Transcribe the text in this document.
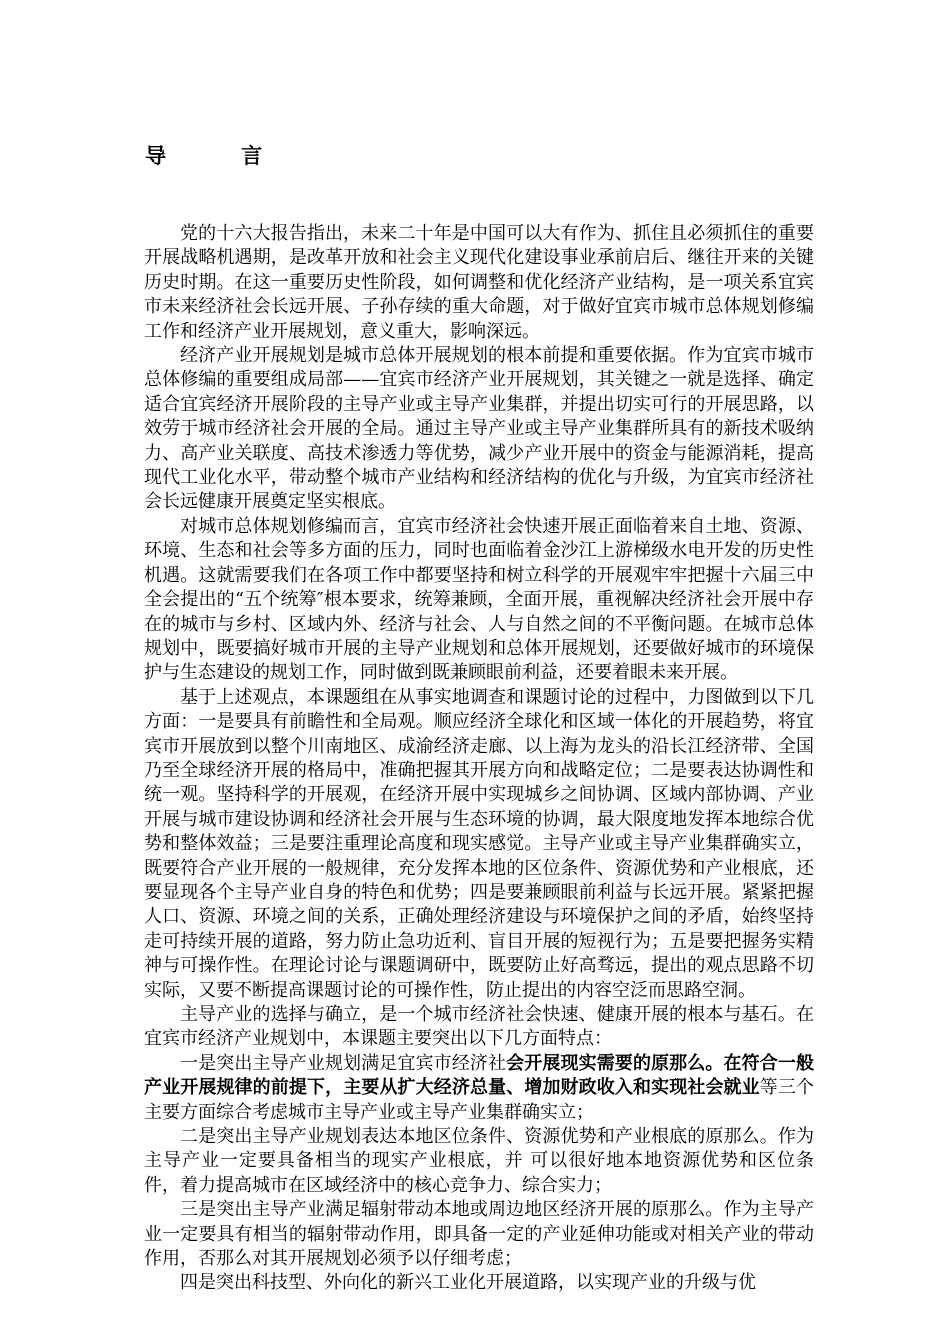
导 言

党的十六大报告指出，未来二十年是中国可以大有作为、抓住且必须抓住的重要开展战略机遇期，是改革开放和社会主义现代化建设事业承前启后、继往开来的关键历史时期。在这一重要历史性阶段，如何调整和优化经济产业结构，是一项关系宜宾市未来经济社会长远开展、子孙存续的重大命题，对于做好宜宾市城市总体规划修编工作和经济产业开展规划，意义重大，影响深远。

经济产业开展规划是城市总体开展规划的根本前提和重要依据。作为宜宾市城市总体修编的重要组成局部——宜宾市经济产业开展规划，其关键之一就是选择、确定适合宜宾经济开展阶段的主导产业或主导产业集群，并提出切实可行的开展思路，以效劳于城市经济社会开展的全局。通过主导产业或主导产业集群所具有的新技术吸纳力、高产业关联度、高技术渗透力等优势，减少产业开展中的资金与能源消耗，提高现代工业化水平，带动整个城市产业结构和经济结构的优化与升级，为宜宾市经济社会长远健康开展奠定坚实根底。

对城市总体规划修编而言，宜宾市经济社会快速开展正面临着来自土地、资源、环境、生态和社会等多方面的压力，同时也面临着金沙江上游梯级水电开发的历史性机遇。这就需要我们在各项工作中都要坚持和树立科学的开展观牢牢把握十六届三中全会提出的“五个统筹″根本要求，统筹兼顾，全面开展，重视解决经济社会开展中存在的城市与乡村、区域内外、经济与社会、人与自然之间的不平衡问题。在城市总体规划中，既要搞好城市开展的主导产业规划和总体开展规划，还要做好城市的环境保护与生态建设的规划工作，同时做到既兼顾眼前利益，还要着眼未来开展。

基于上述观点，本课题组在从事实地调查和课题讨论的过程中，力图做到以下几方面：一是要具有前瞻性和全局观。顺应经济全球化和区域一体化的开展趋势，将宜宾市开展放到以整个川南地区、成渝经济走廊、以上海为龙头的沿长江经济带、全国乃至全球经济开展的格局中，准确把握其开展方向和战略定位；二是要表达协调性和统一观。坚持科学的开展观，在经济开展中实现城乡之间协调、区域内部协调、产业开展与城市建设协调和经济社会开展与生态环境的协调，最大限度地发挥本地综合优势和整体效益；三是要注重理论高度和现实感觉。主导产业或主导产业集群确实立，既要符合产业开展的一般规律，充分发挥本地的区位条件、资源优势和产业根底，还要显现各个主导产业自身的特色和优势；四是要兼顾眼前利益与长远开展。紧紧把握人口、资源、环境之间的关系，正确处理经济建设与环境保护之间的矛盾，始终坚持走可持续开展的道路，努力防止急功近利、盲目开展的短视行为；五是要把握务实精神与可操作性。在理论讨论与课题调研中，既要防止好高骛远，提出的观点思路不切实际，又要不断提高课题讨论的可操作性，防止提出的内容空泛而思路空洞。

主导产业的选择与确立，是一个城市经济社会快速、健康开展的根本与基石。在宜宾市经济产业规划中，本课题主要突出以下几方面特点：

一是突出主导产业规划满足宜宾市经济社会开展现实需要的原那么。在符合一般产业开展规律的前提下，主要从扩大经济总量、增加财政收入和实现社会就业等三个主要方面综合考虑城市主导产业或主导产业集群确实立；

二是突出主导产业规划表达本地区位条件、资源优势和产业根底的原那么。作为主导产业一定要具备相当的现实产业根底，并 可以很好地本地资源优势和区位条件，着力提高城市在区域经济中的核心竞争力、综合实力；

三是突出主导产业满足辐射带动本地或周边地区经济开展的原那么。作为主导产业一定要具有相当的辐射带动作用，即具备一定的产业延伸功能或对相关产业的带动作用，否那么对其开展规划必须予以仔细考虑；

四是突出科技型、外向化的新兴工业化开展道路，以实现产业的升级与优
